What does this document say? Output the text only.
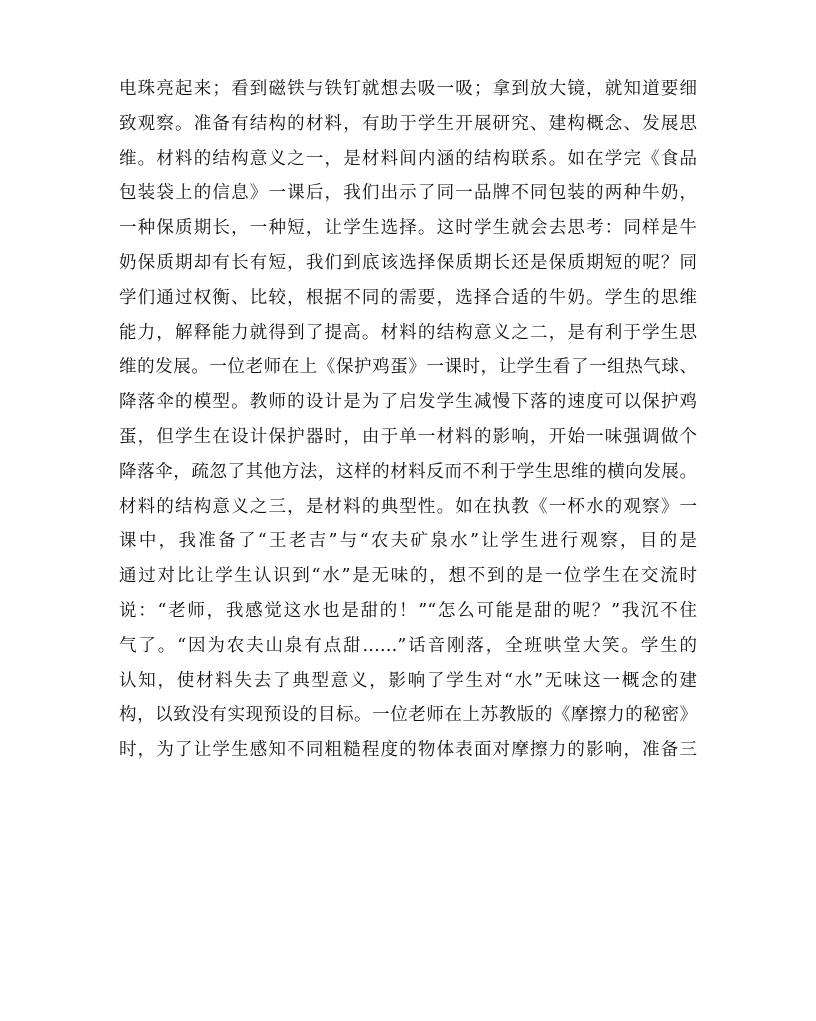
电珠亮起来；看到磁铁与铁钉就想去吸一吸；拿到放大镜，就知道要细
致观察。准备有结构的材料，有助于学生开展研究、建构概念、发展思
维。材料的结构意义之一，是材料间内涵的结构联系。如在学完《食品
包装袋上的信息》一课后，我们出示了同一品牌不同包装的两种牛奶，
一种保质期长，一种短，让学生选择。这时学生就会去思考：同样是牛
奶保质期却有长有短，我们到底该选择保质期长还是保质期短的呢？同
学们通过权衡、比较，根据不同的需要，选择合适的牛奶。学生的思维
能力，解释能力就得到了提高。材料的结构意义之二，是有利于学生思
维的发展。一位老师在上《保护鸡蛋》一课时，让学生看了一组热气球、
降落伞的模型。教师的设计是为了启发学生减慢下落的速度可以保护鸡
蛋，但学生在设计保护器时，由于单一材料的影响，开始一味强调做个
降落伞，疏忽了其他方法，这样的材料反而不利于学生思维的横向发展。
材料的结构意义之三，是材料的典型性。如在执教《一杯水的观察》一
课中，我准备了“王老吉”与“农夫矿泉水”让学生进行观察，目的是
通过对比让学生认识到“水”是无味的，想不到的是一位学生在交流时
说：“老师，我感觉这水也是甜的！”“怎么可能是甜的呢？”我沉不住
气了。“因为农夫山泉有点甜……”话音刚落，全班哄堂大笑。学生的
认知，使材料失去了典型意义，影响了学生对“水”无味这一概念的建
构，以致没有实现预设的目标。一位老师在上苏教版的《摩擦力的秘密》
时，为了让学生感知不同粗糙程度的物体表面对摩擦力的影响，准备三
